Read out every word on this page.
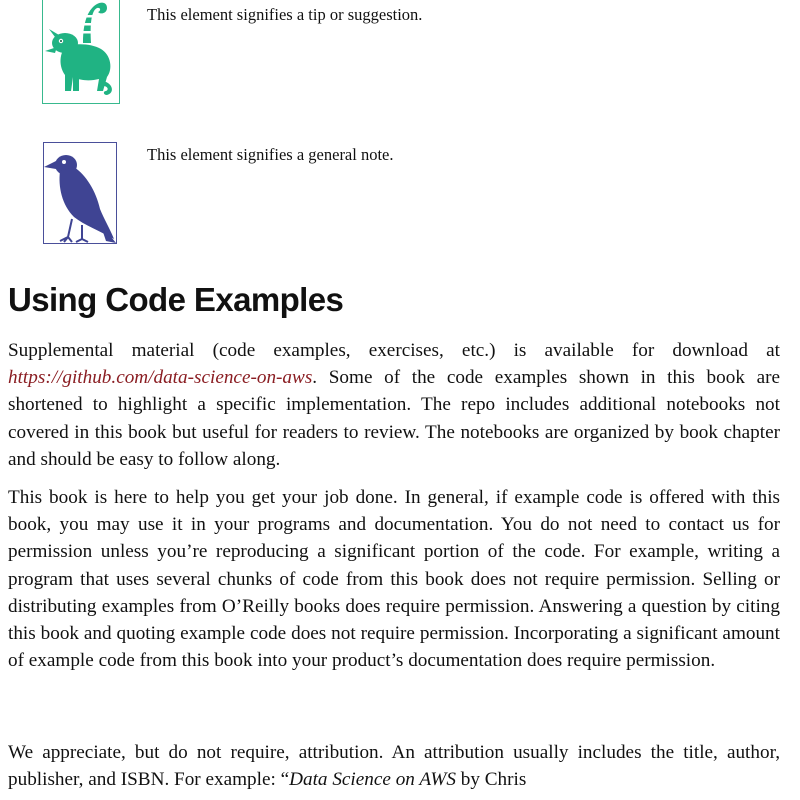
This element signifies a tip or suggestion.
This element signifies a general note.
Using Code Examples

Supplemental material (code examples, exercises, etc.) is available for download at https://github.com/data-science-on-aws. Some of the code examples shown in this book are shortened to highlight a specific implementation. The repo includes additional notebooks not covered in this book but useful for readers to review. The notebooks are organized by book chapter and should be easy to follow along.

This book is here to help you get your job done. In general, if example code is offered with this book, you may use it in your programs and documentation. You do not need to contact us for permission unless you’re reproducing a significant portion of the code. For example, writing a program that uses several chunks of code from this book does not require permission. Selling or distributing examples from O’Reilly books does require permission. Answering a question by citing this book and quoting example code does not require permission. Incorporating a significant amount of example code from this book into your product’s documentation does require permission.

We appreciate, but do not require, attribution. An attribution usually includes the title, author, publisher, and ISBN. For example: “Data Science on AWS by Chris
